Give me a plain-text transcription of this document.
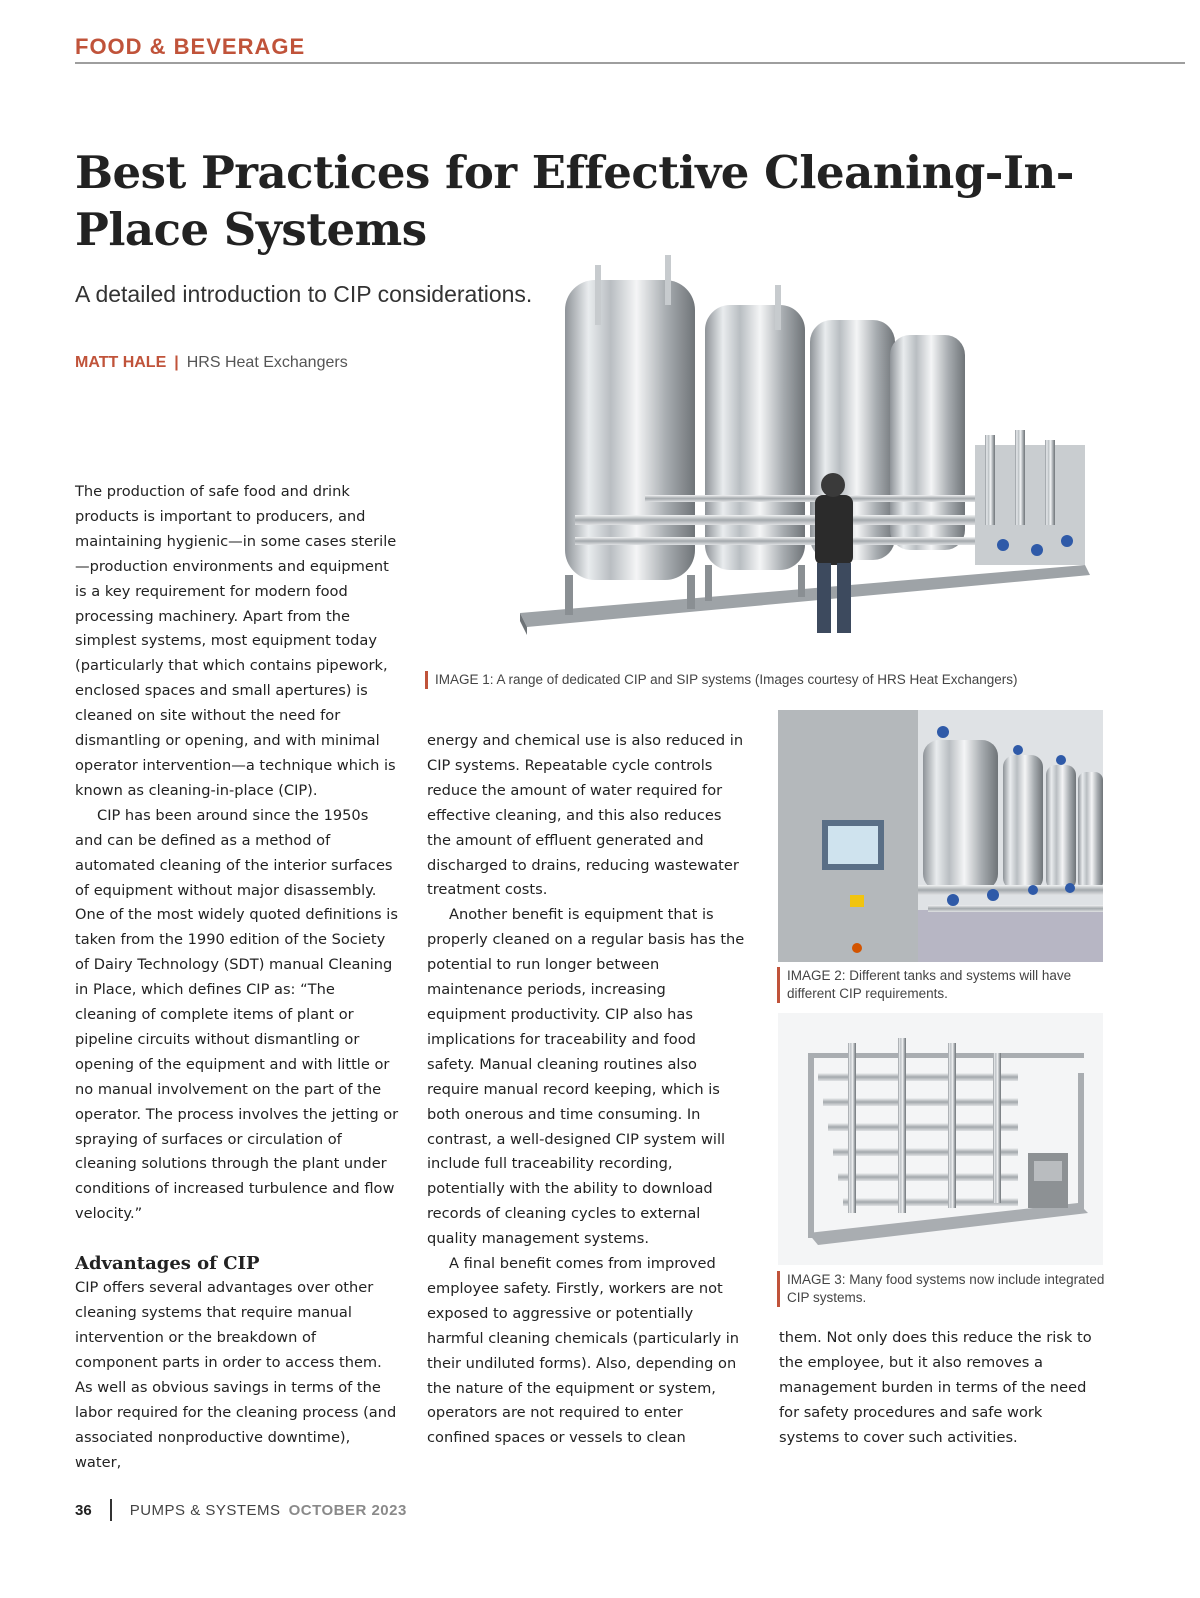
FOOD & BEVERAGE
Best Practices for Effective Cleaning-In-Place Systems
A detailed introduction to CIP considerations.
MATT HALE | HRS Heat Exchangers
IMAGE 1: A range of dedicated CIP and SIP systems (Images courtesy of HRS Heat Exchangers)
IMAGE 2: Different tanks and systems will have different CIP requirements.
IMAGE 3: Many food systems now include integrated CIP systems.

The production of safe food and drink products is important to producers, and maintaining hygienic—in some cases sterile—production environments and equipment is a key requirement for modern food processing machinery. Apart from the simplest systems, most equipment today (particularly that which contains pipework, enclosed spaces and small apertures) is cleaned on site without the need for dismantling or opening, and with minimal operator intervention—a technique which is known as cleaning-in-place (CIP).

CIP has been around since the 1950s and can be defined as a method of automated cleaning of the interior surfaces of equipment without major disassembly. One of the most widely quoted definitions is taken from the 1990 edition of the Society of Dairy Technology (SDT) manual Cleaning in Place, which defines CIP as: “The cleaning of complete items of plant or pipeline circuits without dismantling or opening of the equipment and with little or no manual involvement on the part of the operator. The process involves the jetting or spraying of surfaces or circulation of cleaning solutions through the plant under conditions of increased turbulence and flow velocity.”

Advantages of CIP

CIP offers several advantages over other cleaning systems that require manual intervention or the breakdown of component parts in order to access them. As well as obvious savings in terms of the labor required for the cleaning process (and associated nonproductive downtime), water,

energy and chemical use is also reduced in CIP systems. Repeatable cycle controls reduce the amount of water required for effective cleaning, and this also reduces the amount of effluent generated and discharged to drains, reducing wastewater treatment costs.

Another benefit is equipment that is properly cleaned on a regular basis has the potential to run longer between maintenance periods, increasing equipment productivity. CIP also has implications for traceability and food safety. Manual cleaning routines also require manual record keeping, which is both onerous and time consuming. In contrast, a well-designed CIP system will include full traceability recording, potentially with the ability to download records of cleaning cycles to external quality management systems.

A final benefit comes from improved employee safety. Firstly, workers are not exposed to aggressive or potentially harmful cleaning chemicals (particularly in their undiluted forms). Also, depending on the nature of the equipment or system, operators are not required to enter confined spaces or vessels to clean

them. Not only does this reduce the risk to the employee, but it also removes a management burden in terms of the need for safety procedures and safe work systems to cover such activities.

36	PUMPS & SYSTEMS OCTOBER 2023
